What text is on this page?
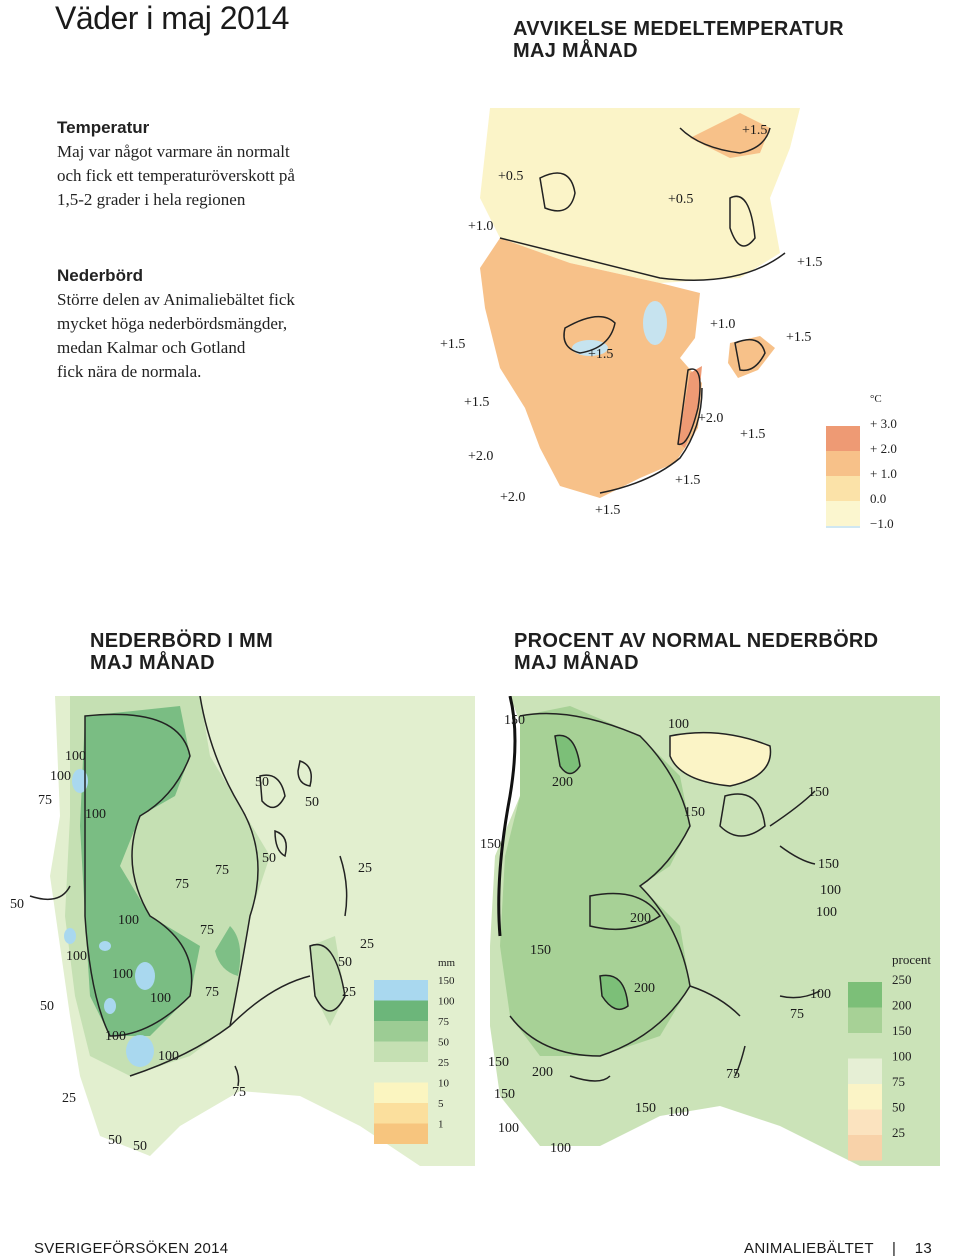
Väder i maj 2014	AVVIKELSE MEDELTEMPERATUR
MAJ MÅNAD
Temperatur
Maj var något varmare än normalt
och fick ett temperaturöverskott på
1,5-2 grader i hela regionen
Nederbörd
Större delen av Animaliebältet fick
mycket höga nederbördsmängder,
medan Kalmar och Gotland
fick nära de normala.
+1.5
+0.5
+0.5
+1.0
+1.5
+1.5
+1.0
+1.5
+1.5
+1.5
+2.0
+1.5
+2.0
+1.5
+2.0
+1.5
°C
+ 3.0
+ 2.0
+ 1.0
0.0
−1.0
NEDERBÖRD I MM
MAJ MÅNAD
PROCENT AV NORMAL NEDERBÖRD
MAJ MÅNAD
100
100
75
100
50
50
50
75
75
25
50
100
100
75
100
100 75
25
50
25
50
100
100
75
25
50 50
mm
150
100
75
50
25
10
5
1
150	100
200
150
150
150
150
100
100
200
150
200	100
75
150
200
150
150 100
75
100
100
procent
250
200
150
100
75
50
25
SVERIGEFÖRSÖKEN 2014	ANIMALIEBÄLTET | 13
